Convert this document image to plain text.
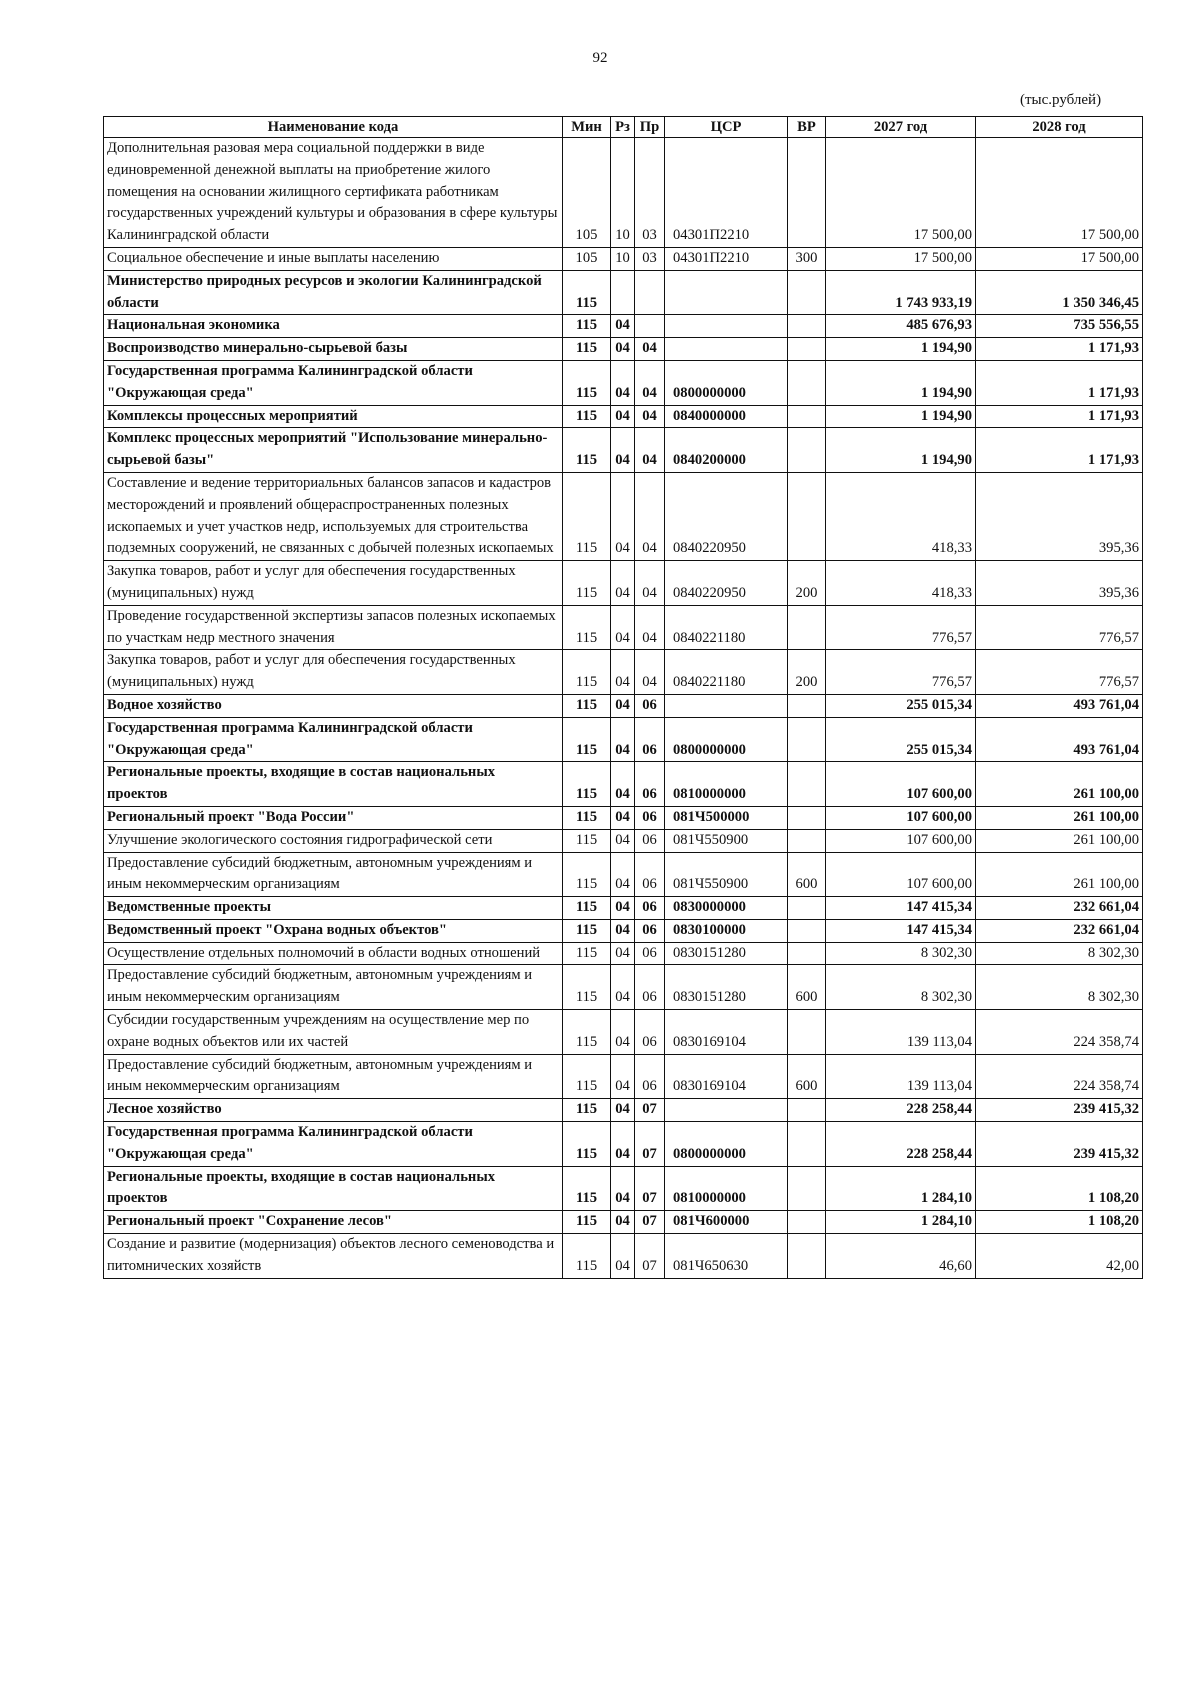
92
(тыс.рублей)
Наименование кода	Мин	Рз	Пр	ЦСР	ВР	2027 год	2028 год
Дополнительная разовая мера социальной поддержки в виде единовременной денежной выплаты на приобретение жилого помещения на основании жилищного сертификата работникам государственных учреждений культуры и образования в сфере культуры Калининградской области	105	10	03	04301П2210		17 500,00	17 500,00
Социальное обеспечение и иные выплаты населению	105	10	03	04301П2210	300	17 500,00	17 500,00
Министерство природных ресурсов и экологии Калининградской области	115					1 743 933,19	1 350 346,45
Национальная экономика	115	04				485 676,93	735 556,55
Воспроизводство минерально-сырьевой базы	115	04	04			1 194,90	1 171,93
Государственная программа Калининградской области "Окружающая среда"	115	04	04	0800000000		1 194,90	1 171,93
Комплексы процессных мероприятий	115	04	04	0840000000		1 194,90	1 171,93
Комплекс процессных мероприятий "Использование минерально-сырьевой базы"	115	04	04	0840200000		1 194,90	1 171,93
Составление и ведение территориальных балансов запасов и кадастров месторождений и проявлений общераспространенных полезных ископаемых и учет участков недр, используемых для строительства подземных сооружений, не связанных с добычей полезных ископаемых	115	04	04	0840220950		418,33	395,36
Закупка товаров, работ и услуг для обеспечения государственных (муниципальных) нужд	115	04	04	0840220950	200	418,33	395,36
Проведение государственной экспертизы запасов полезных ископаемых по участкам недр местного значения	115	04	04	0840221180		776,57	776,57
Закупка товаров, работ и услуг для обеспечения государственных (муниципальных) нужд	115	04	04	0840221180	200	776,57	776,57
Водное хозяйство	115	04	06			255 015,34	493 761,04
Государственная программа Калининградской области "Окружающая среда"	115	04	06	0800000000		255 015,34	493 761,04
Региональные проекты, входящие в состав национальных проектов	115	04	06	0810000000		107 600,00	261 100,00
Региональный проект "Вода России"	115	04	06	081Ч500000		107 600,00	261 100,00
Улучшение экологического состояния гидрографической сети	115	04	06	081Ч550900		107 600,00	261 100,00
Предоставление субсидий бюджетным, автономным учреждениям и иным некоммерческим организациям	115	04	06	081Ч550900	600	107 600,00	261 100,00
Ведомственные проекты	115	04	06	0830000000		147 415,34	232 661,04
Ведомственный проект "Охрана водных объектов"	115	04	06	0830100000		147 415,34	232 661,04
Осуществление отдельных полномочий в области водных отношений	115	04	06	0830151280		8 302,30	8 302,30
Предоставление субсидий бюджетным, автономным учреждениям и иным некоммерческим организациям	115	04	06	0830151280	600	8 302,30	8 302,30
Субсидии государственным учреждениям на осуществление мер по охране водных объектов или их частей	115	04	06	0830169104		139 113,04	224 358,74
Предоставление субсидий бюджетным, автономным учреждениям и иным некоммерческим организациям	115	04	06	0830169104	600	139 113,04	224 358,74
Лесное хозяйство	115	04	07			228 258,44	239 415,32
Государственная программа Калининградской области "Окружающая среда"	115	04	07	0800000000		228 258,44	239 415,32
Региональные проекты, входящие в состав национальных проектов	115	04	07	0810000000		1 284,10	1 108,20
Региональный проект "Сохранение лесов"	115	04	07	081Ч600000		1 284,10	1 108,20
Создание и развитие (модернизация) объектов лесного семеноводства и питомнических хозяйств	115	04	07	081Ч650630		46,60	42,00
